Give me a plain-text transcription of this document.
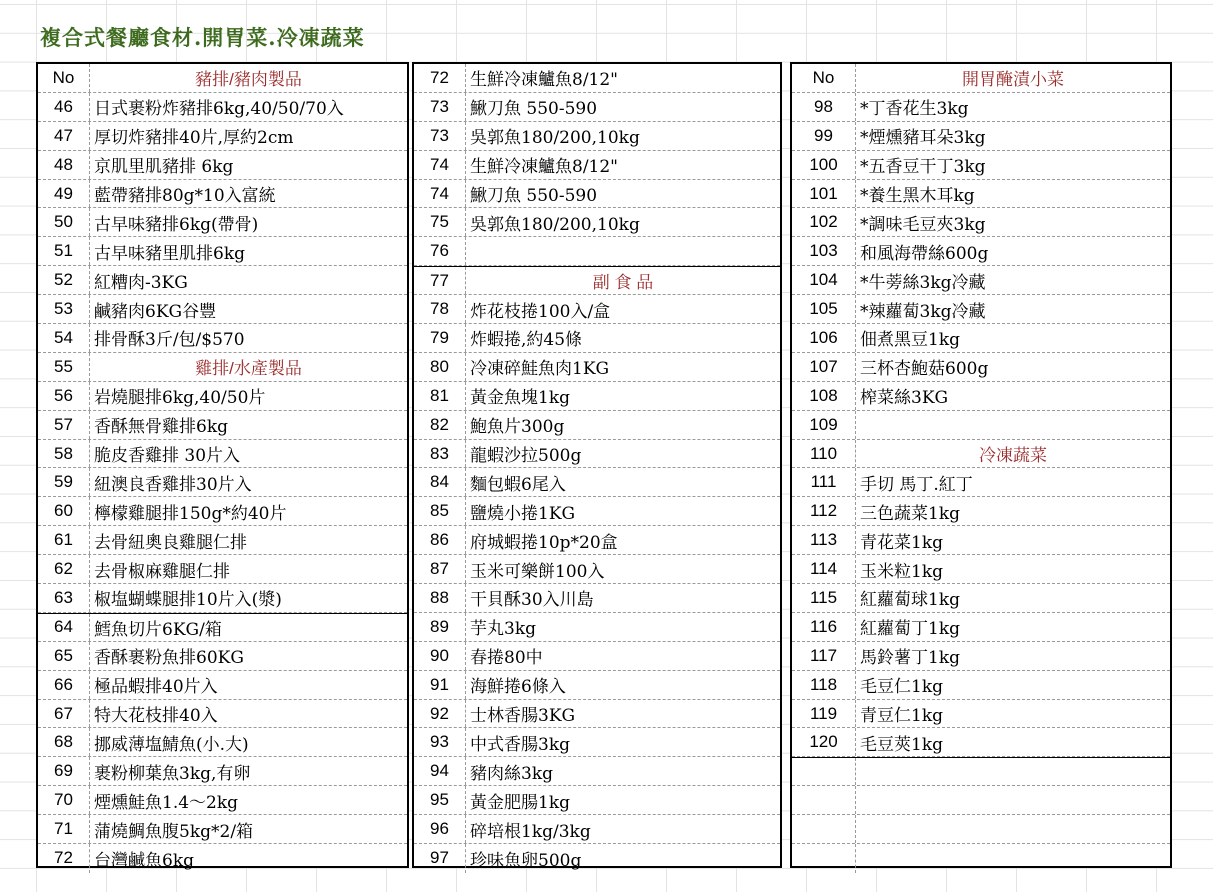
複合式餐廳食材.開胃菜.冷凍蔬菜
No	豬排/豬肉製品
46	日式裹粉炸豬排6kg,40/50/70入
47	厚切炸豬排40片,厚約2cm
48	京肌里肌豬排 6kg
49	藍帶豬排80g*10入富統
50	古早味豬排6kg(帶骨)
51	古早味豬里肌排6kg
52	紅糟肉-3KG
53	鹹豬肉6KG谷豐
54	排骨酥3斤/包/$570
55	雞排/水產製品
56	岩燒腿排6kg,40/50片
57	香酥無骨雞排6kg
58	脆皮香雞排 30片入
59	紐澳良香雞排30片入
60	檸檬雞腿排150g*約40片
61	去骨紐奧良雞腿仁排
62	去骨椒麻雞腿仁排
63	椒塩蝴蝶腿排10片入(漿)
64	鱈魚切片6KG/箱
65	香酥裹粉魚排60KG
66	極品蝦排40片入
67	特大花枝排40入
68	挪威薄塩鯖魚(小.大)
69	裹粉柳葉魚3kg,有卵
70	煙燻鮭魚1.4～2kg
71	蒲燒鯛魚腹5kg*2/箱
72	台灣鹹魚6kg
72	生鮮冷凍鱸魚8/12"
73	鰍刀魚 550-590
73	吳郭魚180/200,10kg
74	生鮮冷凍鱸魚8/12"
74	鰍刀魚 550-590
75	吳郭魚180/200,10kg
76
77	副 食 品
78	炸花枝捲100入/盒
79	炸蝦捲,約45條
80	冷凍碎鮭魚肉1KG
81	黃金魚塊1kg
82	鮑魚片300g
83	龍蝦沙拉500g
84	麵包蝦6尾入
85	鹽燒小捲1KG
86	府城蝦捲10p*20盒
87	玉米可樂餅100入
88	干貝酥30入川島
89	芋丸3kg
90	春捲80中
91	海鮮捲6條入
92	士林香腸3KG
93	中式香腸3kg
94	豬肉絲3kg
95	黃金肥腸1kg
96	碎培根1kg/3kg
97	珍味魚卵500g
No	開胃醃漬小菜
98	*丁香花生3kg
99	*煙燻豬耳朵3kg
100	*五香豆干丁3kg
101	*養生黑木耳kg
102	*調味毛豆夾3kg
103	和風海帶絲600g
104	*牛蒡絲3kg冷藏
105	*辣蘿蔔3kg冷藏
106	佃煮黑豆1kg
107	三杯杏鮑菇600g
108	榨菜絲3KG
109
110	冷凍蔬菜
111	手切 馬丁.紅丁
112	三色蔬菜1kg
113	青花菜1kg
114	玉米粒1kg
115	紅蘿蔔球1kg
116	紅蘿蔔丁1kg
117	馬鈴薯丁1kg
118	毛豆仁1kg
119	青豆仁1kg
120	毛豆莢1kg
